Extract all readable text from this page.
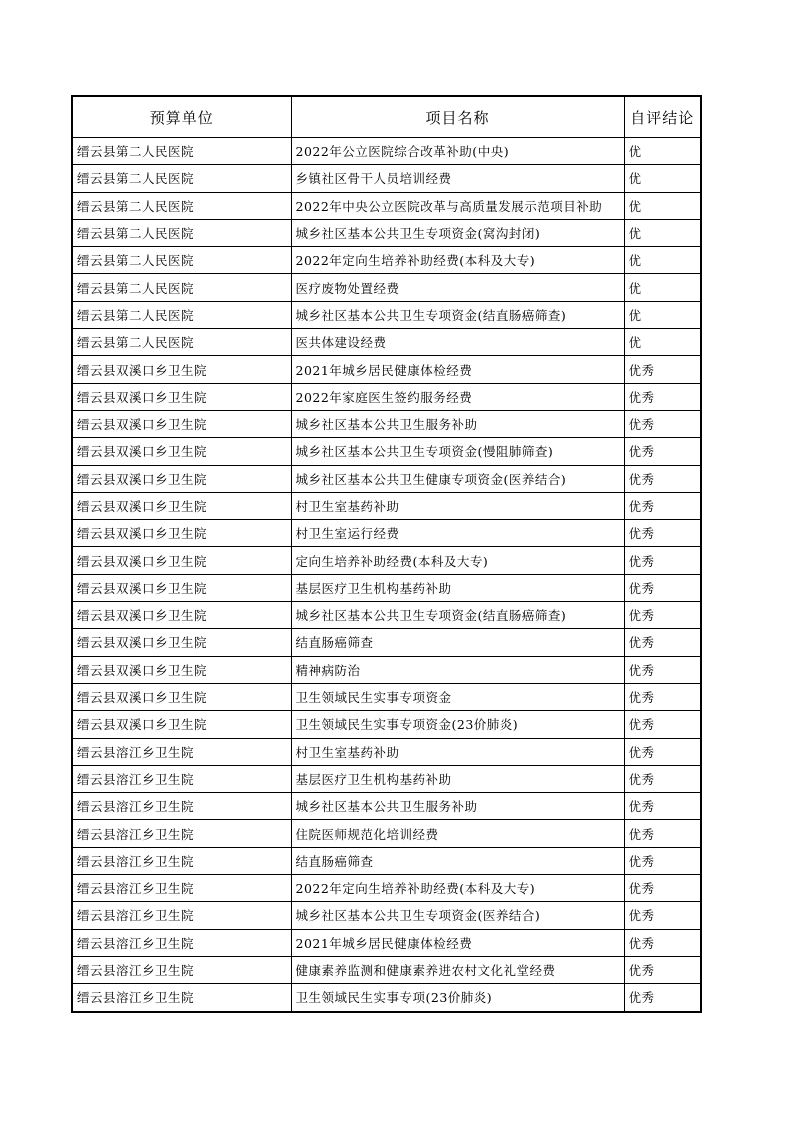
预算单位	项目名称	自评结论
缙云县第二人民医院	2022年公立医院综合改革补助(中央)	优
缙云县第二人民医院	乡镇社区骨干人员培训经费	优
缙云县第二人民医院	2022年中央公立医院改革与高质量发展示范项目补助	优
缙云县第二人民医院	城乡社区基本公共卫生专项资金(窝沟封闭)	优
缙云县第二人民医院	2022年定向生培养补助经费(本科及大专)	优
缙云县第二人民医院	医疗废物处置经费	优
缙云县第二人民医院	城乡社区基本公共卫生专项资金(结直肠癌筛查)	优
缙云县第二人民医院	医共体建设经费	优
缙云县双溪口乡卫生院	2021年城乡居民健康体检经费	优秀
缙云县双溪口乡卫生院	2022年家庭医生签约服务经费	优秀
缙云县双溪口乡卫生院	城乡社区基本公共卫生服务补助	优秀
缙云县双溪口乡卫生院	城乡社区基本公共卫生专项资金(慢阻肺筛查)	优秀
缙云县双溪口乡卫生院	城乡社区基本公共卫生健康专项资金(医养结合)	优秀
缙云县双溪口乡卫生院	村卫生室基药补助	优秀
缙云县双溪口乡卫生院	村卫生室运行经费	优秀
缙云县双溪口乡卫生院	定向生培养补助经费(本科及大专)	优秀
缙云县双溪口乡卫生院	基层医疗卫生机构基药补助	优秀
缙云县双溪口乡卫生院	城乡社区基本公共卫生专项资金(结直肠癌筛查)	优秀
缙云县双溪口乡卫生院	结直肠癌筛查	优秀
缙云县双溪口乡卫生院	精神病防治	优秀
缙云县双溪口乡卫生院	卫生领域民生实事专项资金	优秀
缙云县双溪口乡卫生院	卫生领域民生实事专项资金(23价肺炎)	优秀
缙云县溶江乡卫生院	村卫生室基药补助	优秀
缙云县溶江乡卫生院	基层医疗卫生机构基药补助	优秀
缙云县溶江乡卫生院	城乡社区基本公共卫生服务补助	优秀
缙云县溶江乡卫生院	住院医师规范化培训经费	优秀
缙云县溶江乡卫生院	结直肠癌筛查	优秀
缙云县溶江乡卫生院	2022年定向生培养补助经费(本科及大专)	优秀
缙云县溶江乡卫生院	城乡社区基本公共卫生专项资金(医养结合)	优秀
缙云县溶江乡卫生院	2021年城乡居民健康体检经费	优秀
缙云县溶江乡卫生院	健康素养监测和健康素养进农村文化礼堂经费	优秀
缙云县溶江乡卫生院	卫生领域民生实事专项(23价肺炎)	优秀
